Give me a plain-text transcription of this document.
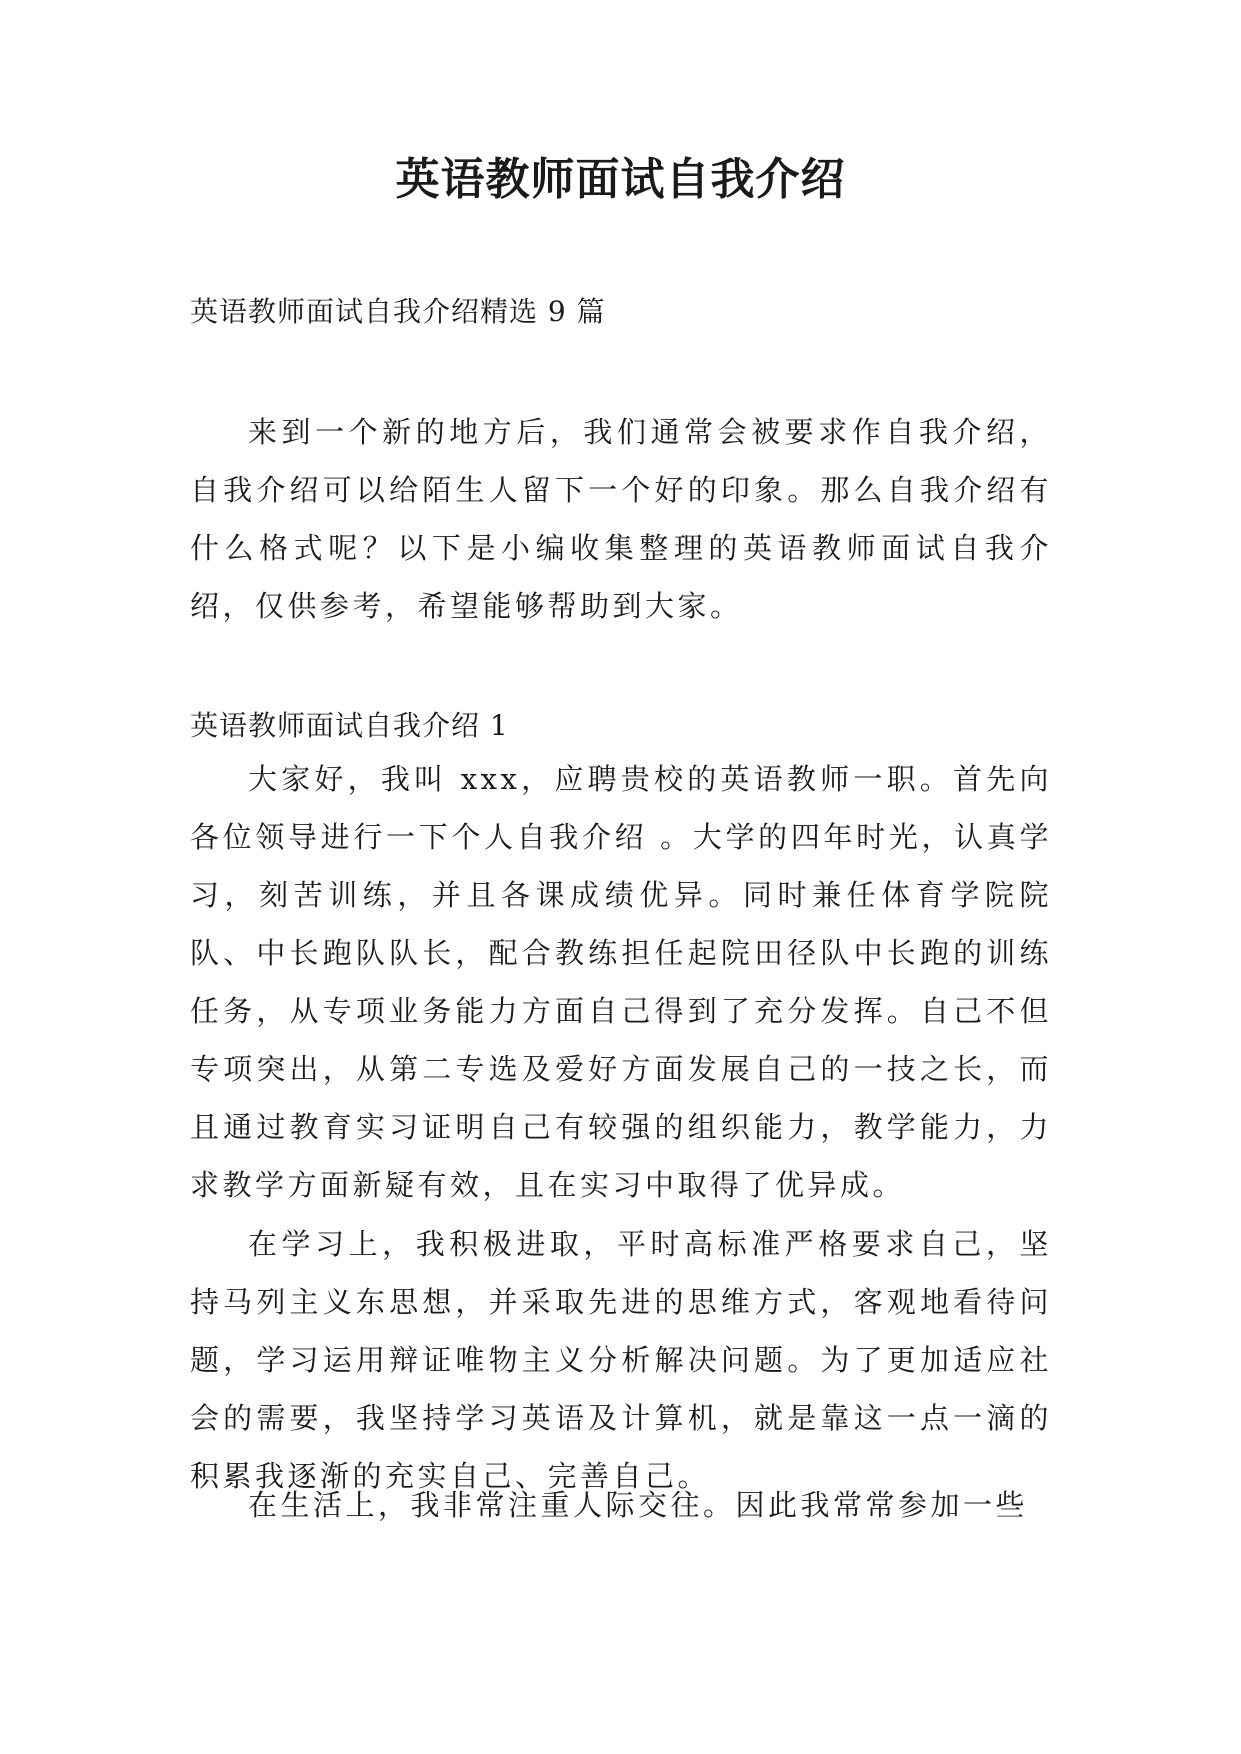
英语教师面试自我介绍

英语教师面试自我介绍精选 9 篇

来到一个新的地方后，我们通常会被要求作自我介绍，自我介绍可以给陌生人留下一个好的印象。那么自我介绍有什么格式呢？以下是小编收集整理的英语教师面试自我介绍，仅供参考，希望能够帮助到大家。

英语教师面试自我介绍 1

大家好，我叫 xxx，应聘贵校的英语教师一职。首先向各位领导进行一下个人自我介绍 。大学的四年时光，认真学习，刻苦训练，并且各课成绩优异。同时兼任体育学院院队、中长跑队队长，配合教练担任起院田径队中长跑的训练任务，从专项业务能力方面自己得到了充分发挥。自己不但专项突出，从第二专选及爱好方面发展自己的一技之长，而且通过教育实习证明自己有较强的组织能力，教学能力，力求教学方面新疑有效，且在实习中取得了优异成。

在学习上，我积极进取，平时高标准严格要求自己，坚持马列主义东思想，并采取先进的思维方式，客观地看待问题，学习运用辩证唯物主义分析解决问题。为了更加适应社会的需要，我坚持学习英语及计算机，就是靠这一点一滴的积累我逐渐的充实自己、完善自己。

在生活上，我非常注重人际交往。因此我常常参加一些
